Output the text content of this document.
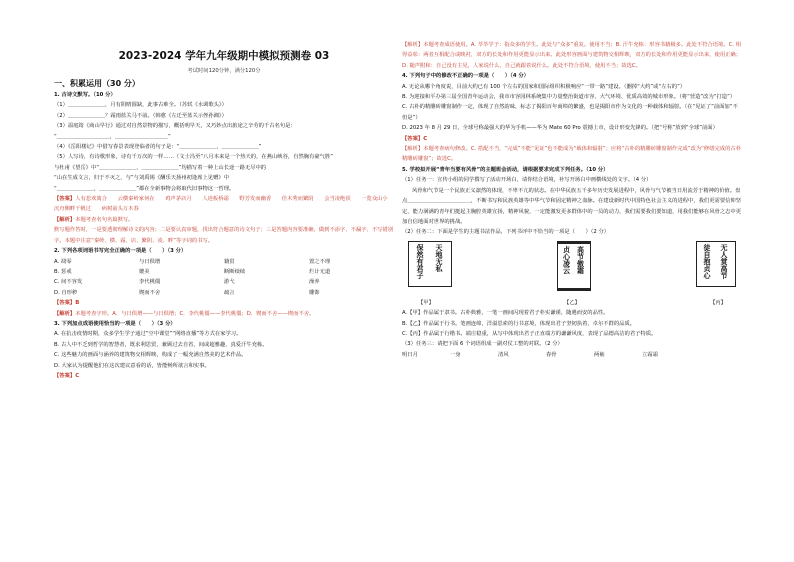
2023-2024 学年九年级期中模拟预测卷 03
考试时间120分钟，满分120分
一、积累运用（30 分）
1. 古诗文默写。（10 分）
（1）＿＿＿＿＿＿＿，月有阴晴圆缺，此事古难全。（苏轼《水调歌头》）
（2）＿＿＿＿＿＿＿？霜雨蓝关马不前。（韩愈《左迁至蓝关示侄孙湘》）
（3）温庭筠《商山早行》通过对自然景物的描写，概括明早天，又巧妙点出旅途之辛劳的千古名句是：
“＿＿＿＿＿＿＿＿＿＿，＿＿＿＿＿＿＿＿＿＿”
（4）《岳阳楼记》中借写春景表现登临者的句子是：“＿＿＿＿＿＿＿，＿＿＿＿＿＿＿”
（5）人写诗，有诗歌形象，诗有千万次的一样……（文士冯至“八月本来是一个热天的，在燕山峡谷，自然胸有豪气胜”
与杜甫《望岳》中“＿＿＿＿＿＿＿，＿＿＿＿＿＿＿”均描写着一种上山长途一路无尽中的
“山在生成文言，归于不灭之，与”与刘禹锡《酬乐天扬州初逢席上见赠》中
“＿＿＿＿＿＿＿，＿＿＿＿＿＿＿”都在全新事物会将取代旧事物这一哲理。
【答案】人有悲欢离合　　云横秦岭家何在　　鸡声茅店月　　人迹板桥霜　　野芳发而幽香　　佳木秀而繁阴　　会当凌绝顶　　一览众山小　　沉舟侧畔千帆过　　病树前头万木春
【解析】本题考查名句名篇默写。
默写题作答时，一是要透彻理解诗文的内容；二是要认真审题，找出符合题意的诗文句子；三是答题内容要准确，做到不添字、不漏字、不写错别字。本题中注意“秦岭、横、霜、店、繁阴、凌、畔”等字词的书写。
2. 下列各项词语书写完全正确的一项是（　　）（3 分）
A. 凋零	与日俱增	籍贯	置之不理
B. 惩戒	媲美	断断续续	烂计无道
C. 间不容发	李代桃僵	游弋	澡养
D. 自形秽	锲而不舍	疏言	雕饰
【答案】B
【解析】本题考查字形。A．与日俱增——与日俱增；C．李代桃僵——李代桃僵；D．锲而不舍——锲而不舍。
3. 下列加点成语使用恰当的一项是（　　）（3 分）
A. 在抗击疫情时期，众多学生学子通过“空中课堂”“网络直播”等方式在家学习。
B. 古人中不乏到哲学的智慧者，既求利思贸，兼顾过去自省，间或超雅趣，真爱汗牛充栋。
C. 这些魅力的画面与涵养的建筑物交相辉映，构成了一幅充满自然美的艺术作品。
D. 大家认为提醒他们在这次建议意看的话，皆能畅所欲言和实事。
【答案】C
【解析】本题考查成语使用。A. 萃萃学子：指众多的学生。此处与“众多”重复。使用不当；B. 汗牛充栋：形容书籍极多。此处不符合语境。C. 相得益彰：两者互相配合或映衬，双方的长处和作用更能显示出来。此处形容画面与建筑物交相辉映，双方的长处和作用更能显示出来，使用正确；D. 随声附和：自己没有主见，人家说什么，自己就跟着说什么。此处不符合语境，使用不当；故选C。
4. 下列句子中的修改不正确的一项是（　　）（4 分）
A. 无论从哪个角度说，目前大约已有 100 个左右的国家和国际组织积极响应“一带一路”建设。（删掉“大约”或“左右的”）
B. 为迎接和平办第三届全国青年运动会，我市市容园林系统集中力量整治街道市容、大气环境、优质高效的城市形象。（将“营造”改为“打造”）
C. 古朴的精雕砖雕窗制作一定，体现了自然韵味，标志了揭阳百年商埠的繁盛，也是揭阳市作为文化的一种载体和辐射。（在“见证了”前面加“不但是”）
D. 2023 年 8 月 29 日，全球号称最强大的华为手机——华为 Mate 60 Pro 震撼上市，设计形变先锋的。（把“号称”放到“全球”前面）
【答案】C
【解析】本题考查病句修改。C. 搭配不当，“完成”不能“见证”也不能成为“载体和辐射”；应将“古朴的精雕砖雕窗制作完成”改为“修缮完成的古朴精雕砖雕窗”；故选C。
5. 学校拟开展“青年当要有风骨”的主题班会活动，请根据要求完成下列任务。（10 分）
（1）任务一：宣传小组的同学撰写了活动开场白，请你结合语境，补写开场白中画横线处的文字。（4 分）
风骨和气节是一个民族正义凛然的体现，不卑不亢的状态。在中华民族五千多年历史发展进程中，风骨与气节被当日用流芳于精神的价值。盘点＿＿＿＿＿＿＿＿＿＿＿＿，不断书写和民族英雄等中华气节和固定精神之血脉。在建设新时代中国特色社会主义的进程中，我们更需要信仰坚定，能力满满的青年们挺起主胸腔英雄宣扬，精神风貌，一定能激发更多群体中的一员的动力，我们需要我们要知道，用我们能够在风骨之志中更加自信地面对世界的挑战。
（2）任务二：下面是学生的主题书法作品，下列书评中不恰当的一项是（　　）（2 分）
天地无私
保然有君子	高节傲霜
贞心凌云	无人赏高节
徒自抱贞心
【甲】	【乙】	【丙】
A.【甲】作品属于隶书。古朴典雅，一笔一画间闪现着君子朴实谦谨，随遇而安的品性。
B.【乙】作品属于行书。笔画连绵，洋溢思索的行书意境，体现出君子坚韧执着，卓尔不群的品质。
C.【丙】作品属于行楷书。端庄稳重，从写中体现出君子正直端方的谦谦风度，表现了品德高洁的君子特质。
（3）任务三：请把下面 6 个词语组成一副对仗工整的对联。（2 分）
明日月	一身	清风	春骨	两袖	立霜霜
